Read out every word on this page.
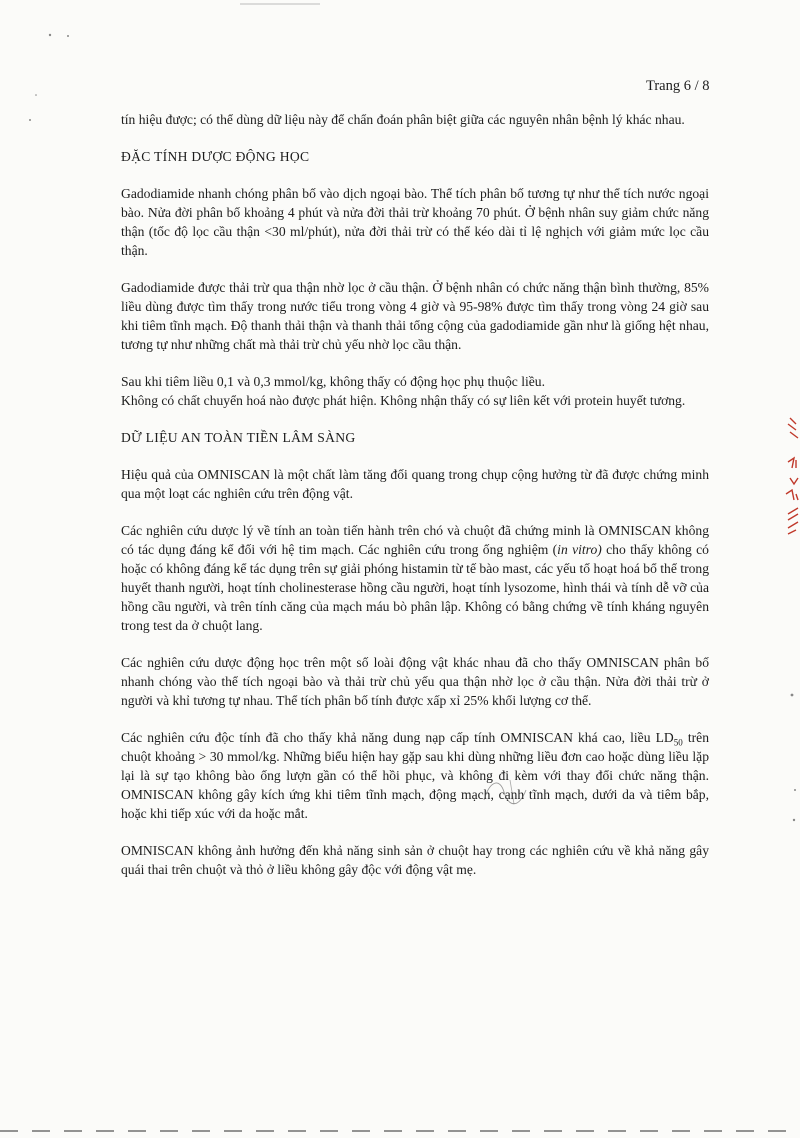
Trang 6 / 8

tín hiệu được; có thể dùng dữ liệu này để chẩn đoán phân biệt giữa các nguyên nhân bệnh lý khác nhau.

ĐẶC TÍNH DƯỢC ĐỘNG HỌC

Gadodiamide nhanh chóng phân bố vào dịch ngoại bào. Thể tích phân bố tương tự như thể tích nước ngoại bào. Nửa đời phân bố khoảng 4 phút và nửa đời thải trừ khoảng 70 phút. Ở bệnh nhân suy giảm chức năng thận (tốc độ lọc cầu thận <30 ml/phút), nửa đời thải trừ có thể kéo dài tỉ lệ nghịch với giảm mức lọc cầu thận.

Gadodiamide được thải trừ qua thận nhờ lọc ở cầu thận. Ở bệnh nhân có chức năng thận bình thường, 85% liều dùng được tìm thấy trong nước tiểu trong vòng 4 giờ và 95-98% được tìm thấy trong vòng 24 giờ sau khi tiêm tĩnh mạch. Độ thanh thải thận và thanh thải tổng cộng của gadodiamide gần như là giống hệt nhau, tương tự như những chất mà thải trừ chủ yếu nhờ lọc cầu thận.

Sau khi tiêm liều 0,1 và 0,3 mmol/kg, không thấy có động học phụ thuộc liều.

Không có chất chuyển hoá nào được phát hiện. Không nhận thấy có sự liên kết với protein huyết tương.

DỮ LIỆU AN TOÀN TIỀN LÂM SÀNG

Hiệu quả của OMNISCAN là một chất làm tăng đối quang trong chụp cộng hưởng từ đã được chứng minh qua một loạt các nghiên cứu trên động vật.

Các nghiên cứu dược lý về tính an toàn tiến hành trên chó và chuột đã chứng minh là OMNISCAN không có tác dụng đáng kể đối với hệ tim mạch. Các nghiên cứu trong ống nghiệm (in vitro) cho thấy không có hoặc có không đáng kể tác dụng trên sự giải phóng histamin từ tế bào mast, các yếu tố hoạt hoá bổ thể trong huyết thanh người, hoạt tính cholinesterase hồng cầu người, hoạt tính lysozome, hình thái và tính dễ vỡ của hồng cầu người, và trên tính căng của mạch máu bò phân lập. Không có bằng chứng về tính kháng nguyên trong test da ở chuột lang.

Các nghiên cứu dược động học trên một số loài động vật khác nhau đã cho thấy OMNISCAN phân bố nhanh chóng vào thể tích ngoại bào và thải trừ chủ yếu qua thận nhờ lọc ở cầu thận. Nửa đời thải trừ ở người và khỉ tương tự nhau. Thể tích phân bố tính được xấp xỉ 25% khối lượng cơ thể.

Các nghiên cứu độc tính đã cho thấy khả năng dung nạp cấp tính OMNISCAN khá cao, liều $LD_{50}$ trên chuột khoảng > 30 mmol/kg. Những biểu hiện hay gặp sau khi dùng những liều đơn cao hoặc dùng liều lặp lại là sự tạo không bào ống lượn gần có thể hồi phục, và không đi kèm với thay đổi chức năng thận. OMNISCAN không gây kích ứng khi tiêm tĩnh mạch, động mạch, cạnh tĩnh mạch, dưới da và tiêm bắp, hoặc khi tiếp xúc với da hoặc mắt.

OMNISCAN không ảnh hưởng đến khả năng sinh sản ở chuột hay trong các nghiên cứu về khả năng gây quái thai trên chuột và thỏ ở liều không gây độc với động vật mẹ.
